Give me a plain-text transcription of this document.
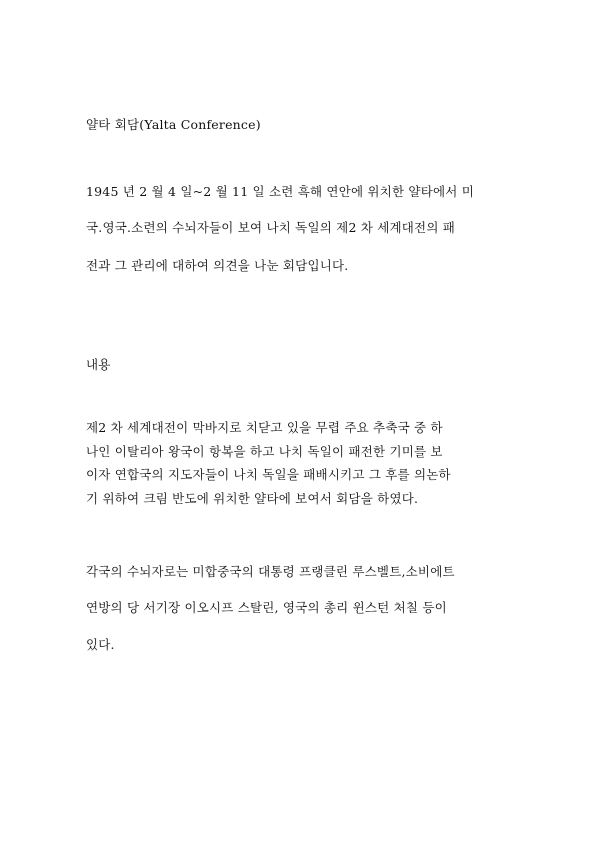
얄타 회담(Yalta Conference)

1945 년 2 월 4 일~2 월 11 일 소련 흑해 연안에 위치한 얄타에서 미

국.영국.소련의 수뇌자들이 보여 나치 독일의 제2 차 세계대전의 패

전과 그 관리에 대하여 의견을 나눈 회담입니다.

내용

제2 차 세계대전이 막바지로 치닫고 있을 무렵 주요 추축국 중 하

나인 이탈리아 왕국이 항복을 하고 나치 독일이 패전한 기미를 보

이자 연합국의 지도자들이 나치 독일을 패배시키고 그 후를 의논하

기 위하여 크림 반도에 위치한 얄타에 보여서 회담을 하였다.

각국의 수뇌자로는 미합중국의 대통령 프랭클린 루스벨트,소비에트

연방의 당 서기장 이오시프 스탈린, 영국의 총리 윈스턴 처칠 등이

있다.
